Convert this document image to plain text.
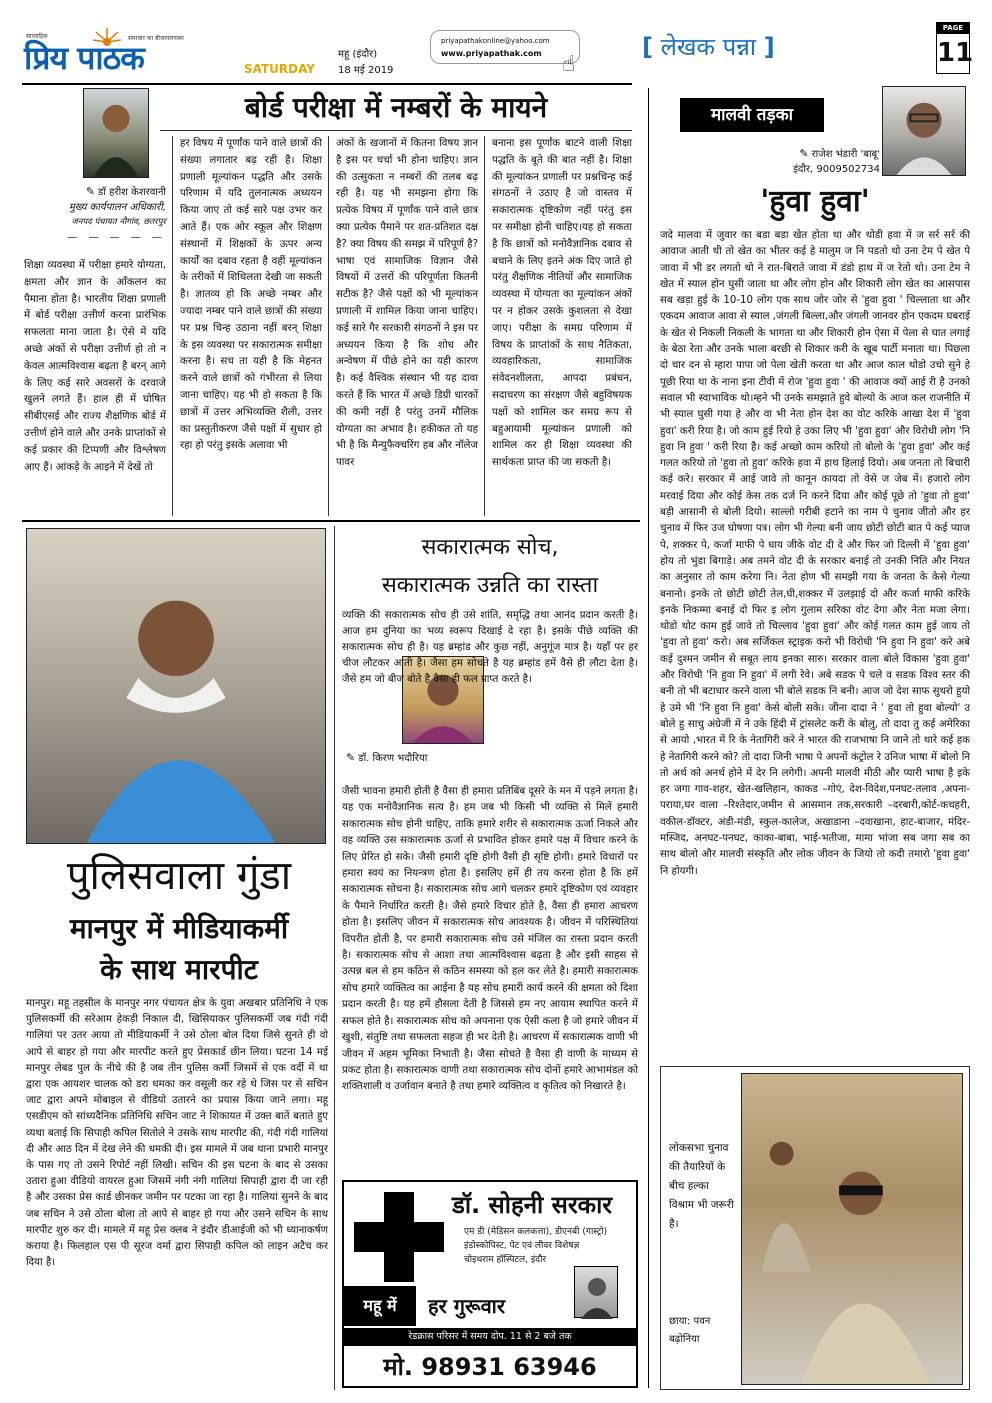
साप्ताहिक	समाचार का बीजापारपत्रम
प्रिय पाठक	SATURDAY
महू (इंदौर)
18 मई 2019
priyapathakonline@yahoo.com
www.priyapathak.com ☝
[ लेखक पन्ना ]
PAGE
11
बोर्ड परीक्षा में नम्बरों के मायने
✎ डॉ हरीश केशरवानी
मुख्य कार्यपालन अधिकारी,
जनपद पंचायत नौगांव, छतरपुर
— — — — —
शिक्षा व्यवस्था में परीक्षा हमारे योग्यता, क्षमता और ज्ञान के आँकलन का पैमाना होता है। भारतीय शिक्षा प्रणाली में बोर्ड परीक्षा उत्तीर्ण करना प्रारंभिक सफलता माना जाता है। ऐसे में यदि अच्छे अंकों से परीक्षा उत्तीर्ण हो तो न केवल आत्मविश्वास बढ़ता है बरन् आगे के लिए कई सारे अवसरों के दरवाजे खुलने लगते हैं। हाल ही में घोषित सीबीएसई और राज्य शैक्षणिक बोर्ड में उत्तीर्ण होने वाले और उनके प्राप्तांकों से कई प्रकार की टिप्पणी और विश्लेषण आए हैं। आंकड़े के आइने में देखें तो
हर विषय में पूर्णांक पाने वाले छात्रों की संख्या लगातार बढ़ रही है। शिक्षा प्रणाली मूल्यांकन पद्धति और उसके परिणाम में यदि तुलनात्मक अध्ययन किया जाए तो कई सारे पक्ष उभर कर आते हैं। एक ओर स्कूल और शिक्षण संस्थानों में शिक्षकों के ऊपर अन्य कार्यों का दबाव रहता है वहीं मूल्यांकन के तरीकों में शिथिलता देखी जा सकती है। ज्ञातव्य हो कि अच्छे नम्बर और ज्यादा नम्बर पाने वाले छात्रों की संख्या पर प्रश्न चिन्ह उठाना नहीं बरन् शिक्षा के इस व्यवस्था पर सकारात्मक समीक्षा करना है। सच ता यही है कि मेहनत करने वाले छात्रों को गंभीरता से लिया जाना चाहिए। यह भी हो सकता है कि छात्रों में उत्तर अभिव्यक्ति शैली, उत्तर का प्रस्तुतीकरण जैसे पक्षों में सुधार हो रहा हो परंतु इसके अलावा भी
अंकों के खजानों में कितना विषय ज्ञान है इस पर चर्चा भी होना चाहिए। ज्ञान की उत्सुकता न नम्बरों की तलब बढ़ रही है। यह भी समझना होगा कि प्रत्येक विषय में पूर्णांक पाने वाले छात्र क्या प्रत्येक पैमाने पर शत-प्रतिशत दक्ष है? क्या विषय की समझ में परिपूर्ण है? भाषा एवं सामाजिक विज्ञान जैसे विषयों में उत्तरों की परिपूर्णता कितनी सटीक है? जैसे पक्षों को भी मूल्यांकन प्रणाली में शामिल किया जाना चाहिए। कई सारे गैर सरकारी संगठनों ने इस पर अध्ययन किया है कि शोध और अन्वेषण में पीछे होने का यही कारण है। कई वैश्विक संस्थान भी यह दावा करते हैं कि भारत में अच्छे डिग्री धारकों की कमी नहीं है परंतु उनमें मौलिक योग्यता का अभाव है। हकीकत तो यह भी है कि मैन्युफैक्चरिंग हब और नॉलेज पावर
बनाना इस पूर्णांक बाटने वाली शिक्षा पद्धति के बूते की बात नहीं है। शिक्षा की मूल्यांकन प्रणाली पर प्रश्नचिन्ह कई संगठनों ने उठाए है जो वास्तव में सकारात्मक दृष्टिकोण नहीं परंतु इस पर समीक्षा होनी चाहिए।यह हो सकता है कि छात्रों को मनोवैज्ञानिक दबाव से बचाने के लिए इतने अंक दिए जाते हो परंतु शैक्षणिक नीतियों और सामाजिक व्यवस्था में योग्यता का मूल्यांकन अंकों पर न होकर उसके कुशलता से देखा जाए। परीक्षा के समग्र परिणाम में विषय के प्राप्तांकों के साथ नैतिकता, व्यवहारिकता, सामाजिक संवेदनशीलता, आपदा प्रबंधन, सदाचरण का संरक्षण जैसे बहुविषयक पक्षों को शामिल कर समग्र रूप से बहुआयामी मूल्यांकन प्रणाली को शामिल कर ही शिक्षा व्यवस्था की सार्थकता प्राप्त की जा सकती है।
मालवी तड़का
✎ राजेश भंडारी 'बाबू'
इंदौर, 9009502734
'हुवा हुवा'
जदे मालवा में जुवार का बडा बडा खेत होता था और थोडी हवा में ज सर्र सर्र की आवाज आती थी तो खेत का भीतर कई हे मालुम ज नि पडतो थो उना टेम पे खेत पे जावा में भी डर लगतो थो ने रात-बिराते जावा में डंडो हाथ में ज रेतो थो। उना टेम ने खेत में स्याल होन घुसी जाता था और लोग होन और शिकारी लोग खेत का आसपास सब खड़ा हुई के 10-10 लोग एक साथ जोर जोर से 'हुवा हुवा ' चिल्लाता था और एकदम आवाज आवा से स्याल ,जंगली बिल्ला,और जंगली जानवर होन एकदम घबराई के खेत से निकली निकली के भागता था और शिकारी होन ऐसा में पेला से घात लगाई के बेठा रेता और उनके भाला बरछी से शिकार करी के खूब पार्टी मनाता था। पिछला दो चार दन से म्हारा पापा जो पेला खेती करता था और आज काल थोडो उचो सुने हे पूछी रिया था के नाना इना टीवी में रोज 'हुवा हुवा ' की आवाज क्यों आई री है उनको सवाल भी स्वाभाविक थो।म्हने भी उनके समझाते हुवे बोल्यो के आज कल राजनीति में भी स्याल घुसी गया हे और वा भी नेता होन देश का वोट करिके आखा देश में 'हुवा हुवा' करी रिया है। जो काम हुई रियो हे उका लिए भी 'हुवा हुवा' और विरोधी लोग 'नि हुवा नि हुवा ' करी रिया है। कई अच्छो काम करियो तो बोलो के 'हुवा हुवा' और कई गलत करियो तो 'हुवा तो हुवा' करिके हवा में हाथ हिलाई दियो। अब जनता तो बिचारी कई करे। सरकार में आई जावे तो कानून कायदा तो वेसे ज जेब में। हजारो लोग मरवाई दिया और कोई केस तक दर्ज नि करने दिया और कोई पूछे तो 'हुवा तो हुवा' बड़ी आसानी से बोली दियो। साल्लो गरीबी हटाने का नाम पे चुनाव जीतो और हर चुनाव में फिर उज घोषणा पत्र। लोग भी गेल्या बनी जाय छोटी छोटी बात पे कई प्याज पे, शक्कर पे, कर्जा माफी पे धाय जीके वोट दी दे और फिर जो दिल्ली में 'हुवा हुवा' होय तो भुंडा बिगाड़े। अब तमने वोट दी के सरकार बनाई तो उनकी निति और नियत का अनुसार तो काम करेगा नि। नेता होण भी समझी गया के जनता के केसे गेल्या बनानो। इनके तो छोटी छोटी तेल,घी,शक्कर में उलझाई दो और कर्जा माफी करिके इनके निकम्मा बनाई दो फिर इ लोग गुलाम सरिका वोट देगा और नेता मजा लेगा। थोडो थोट काम हुई जावे तो चिल्लाव 'हुवा हुवा' और कोई गलत काम हुई जाय तो 'हुवा तो हुवा' करो। अब सर्जिकल स्ट्राइक करो भी विरोधी 'नि हुवा नि हुवा' करे अबे कई दुश्मन जमीन से सबूत लाय इनका सारु। सरकार वाला बोले विकास 'हुवा हुवा' और विरोधी 'नि हुवा नि हुवा' में लगी रेवे। अबे सडक पे चले व सडक विश्व स्तर की बनी तो भी बटाधार करने वाला भी बोले सडक नि बनी। आज जो देश साफ सुथरो हुयो हे उमे भी 'नि हुवा नि हुवा' केसे बोली सके। जीना दादा ने ' हुवा तो हुवा बोल्यो' उ बोले हु साचु अंग्रेजी में ने उके हिंदी में ट्रांसलेट करी के बोलु, तो दादा तु कई अमेरिका से आयो ,भारत में रि के नेतागिरी करे ने भारत की राजभाषा नि जाने तो थारे कई हक हे नेतागिरी करने को? तो दादा जिनी भाषा पे अपनों कंट्रोल रे उनिज भाषा में बोलो नि तो अर्थ को अनर्थ होने में देर नि लगेगी। अपनी मालवी मीठी और प्यारी भाषा है इके हर जगा गाव-शहर, खेत-खलिहान, काकड –गोएं, देश-विदेश,पनघट-तलाव ,अपना-पराया,घर वाला –रिश्तेदार,जमीन से आसमान तक,सरकारी –दरबारी,कोर्ट-कचहरी, वकील-डॉक्टर, अंडी-मंडी, स्कुल-कालेज, अखाडाना –दवाखाना, हाट-बाजार, मंदिर-मस्जिद, अनघट-पनघट, काका-बाबा, भाई-भतीजा, मामा भांजा सब जगा सब का साथ बोलो और मालवी संस्कृति और लोक जीवन के जियो तो कदी तमारो 'हुवा हुवा' नि होयगी।
लोकसभा चुनाव की तैयारियों के बीच हल्का विश्राम भी जरूरी है।
छाया: पवन बढ़ोनिया
पुलिसवाला गुंडा
मानपुर में मीडियाकर्मी
के साथ मारपीट
मानपुर। महू तहसील के मानपुर नगर पंचायत क्षेत्र के युवा अखबार प्रतिनिधि ने एक पुलिसकर्मी की सरेआम हेकड़ी निकाल दी, खिसियाकर पुलिसकर्मी जब गंदी गंदी गालियां पर उतर आया तो मीडियाकर्मी ने उसे ठोला बोल दिया जिसे सुनते ही वो आपे से बाहर हो गया और मारपीट करते हुए प्रेसकार्ड छीन लिया। घटना 14 मई मानपुर लेबड पुल के नीचे की है जब तीन पुलिस कर्मी जिसमें से एक वर्दी में था द्वारा एक आयशर चालक को डरा धमका कर वसूली कर रहे थे जिस पर से सचिन जाट द्वारा अपने मोबाइल से वीडियो उतारने का प्रयास किया जाने लगा। महू एसडीएम को सांध्यदैनिक प्रतिनिधि सचिन जाट ने शिकायत में उक्त बातें बताते हुए व्यथा बताई कि सिपाही कपिल सितोले ने उसके साथ मारपीट की, गंदी गंदी गालियां दी और आठ दिन में देख लेने की धमकी दी। इस मामले में जब थाना प्रभारी मानपुर के पास गए तो उसने रिपोर्ट नहीं लिखी। सचिन की इस घटना के बाद से उसका उतारा हुआ वीडियो वायरल हुआ जिसमें नंगी नंगी गालियां सिपाही द्वारा दी जा रही है और उसका प्रेस कार्ड छीनकर जमीन पर पटका जा रहा है। गालियां सुनने के बाद जब सचिन ने उसे ठोला बोला तो आपे से बाहर हो गया और उसने सचिन के साथ मारपीट शुरु कर दी। मामले में महू प्रेस क्लब ने इंदौर डीआईजी को भी ध्यानाकर्षण कराया है। फिलहाल एस पी सूरज वर्मा द्वारा सिपाही कपिल को लाइन अटैच कर दिया है।
सकारात्मक सोच,
सकारात्मक उन्नति का रास्ता
✎ डॉ. किरण भदौरिया
व्यक्ति की सकारात्मक सोच ही उसे शांति, समृद्धि तथा आनंद प्रदान करती है। आज हम दुनिया का भव्य स्वरूप दिखाई दे रहा है। इसके पीछे व्यक्ति की सकारात्मक सोच ही है। यह ब्रम्हांड और कुछ नहीं, अनुगूंज मात्र है। यहाँ पर हर चीज लौटकर आती है। जैसा हम सोचते है यह ब्रम्हांड हमें वैसे ही लौटा देता है। जैसे हम जो बीज बोते है वैसा ही फल प्राप्त करते है।
जैसी भावना हमारी होती है वैसा ही हमारा प्रतिबिंब दूसरे के मन में पड़ने लगता है। यह एक मनोवैज्ञानिक सत्य है। हम जब भी किसी भी व्यक्ति से मिलें हमारी सकारात्मक सोच होनी चाहिए, ताकि हमारे शरीर से सकारात्मक ऊर्जा निकले और वह व्यक्ति उस सकारात्मक ऊर्जा से प्रभावित होकर हमारे पक्ष में विचार करने के लिए प्रेरित हो सके। जैसी हमारी दृष्टि होगी वैसी ही सृष्टि होगी। हमारे विचारों पर हमारा स्वयं का नियन्त्रण होता है। इसलिए हमें ही तय करना होता है कि हमें सकारात्मक सोचना है। सकारात्मक सोच आगे चलकर हमारे दृष्टिकोण एवं व्यवहार के पैमाने निर्धारित करती है। जैसे हमारे विचार होते है, वैसा ही हमारा आचरण होता है। इसलिए जीवन में सकारात्मक सोच आवश्यक है। जीवन में परिस्थितियां विपरीत होती है, पर हमारी सकारात्मक सोच उसे मंजिल का रास्ता प्रदान करती है। सकारात्मक सोच से आशा तथा आत्मविश्वास बढ़ता है और इसी साहस से उत्पन्न बल से हम कठिन से कठिन समस्या को हल कर लेते है। हमारी सकारात्मक सोच हमारे व्यक्तित्व का आईना है यह सोच हमारी कार्य करने की क्षमता को दिशा प्रदान करती है। यह हमें हौसला देती है जिससे हम नए आयाम स्थापित करने में सफल होते है। सकारात्मक सोच को अपनाना एक ऐसी कला है जो हमारे जीवन में खुशी, संतुष्टि तथा सफलता सहज ही भर देती है। आचरण में सकारात्मक वाणी भी जीवन में अहम भूमिका निभाती है। जैसा सोचते है वैसा ही वाणी के माध्यम से प्रकट होता है। सकारात्मक वाणी तथा सकारात्मक सोच दोनों हमारे आभामंडल को शक्तिशाली व उर्जावान बनाते है तथा हमारे व्यक्तित्व व कृतित्व को निखारते है।
डॉ. सोहनी सरकार
एम डी (मेडिसन कलकत्ता), डीएनबी (गास्ट्रो)
इंडोस्कोपिस्ट, पेट एवं लीवर विशेषज्ञ
चोइथराम हॉस्पिटल, इंदौर
महू में	हर गुरूवार
रेडक्रास परिसर में समय दोप. 11 से 2 बजे तक
मो. 98931 63946
